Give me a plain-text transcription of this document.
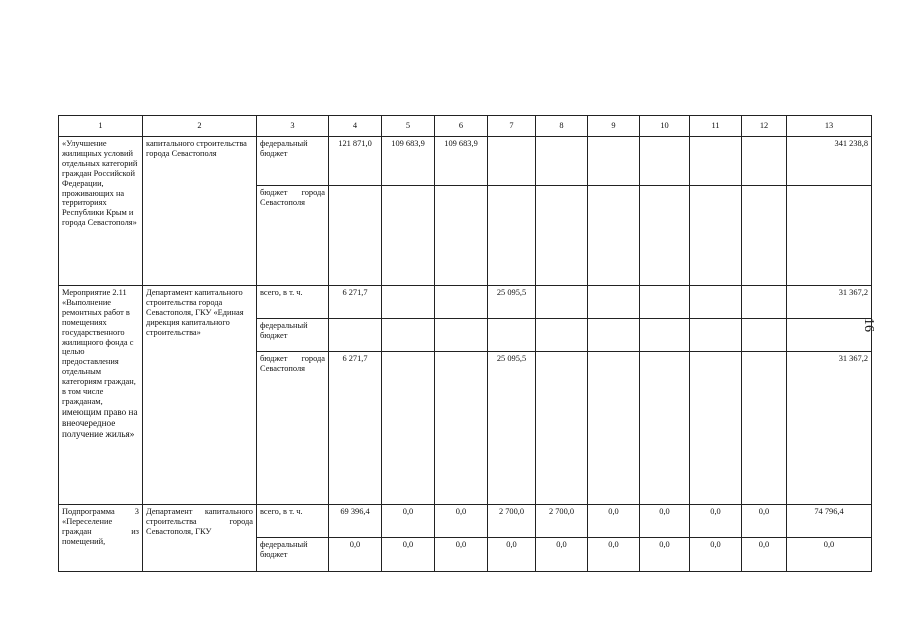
16
1	2	3	4	5	6	7	8	9	10	11	12	13
«Улучшение жилищных условий отдельных категорий граждан Российской Федерации, проживающих на территориях Республики Крым и города Севастополя»	капитального строительства города Севастополя	федеральный бюджет	121 871,0	109 683,9	109 683,9							341 238,8
		бюджет города Севастополя										
Мероприятие 2.11 «Выполнение ремонтных работ в помещениях государственного жилищного фонда с целью предоставления отдельным категориям граждан, в том числе гражданам, имеющим право на внеочередное получение жилья»	Департамент капитального строительства города Севастополя, ГКУ «Единая дирекция капитального строительства»	всего, в т. ч.	6 271,7			25 095,5						31 367,2
		федеральный бюджет										
		бюджет города Севастополя	6 271,7			25 095,5						31 367,2
Подпрограмма 3 «Переселение граждан из помещений,	Департамент капитального строительства города Севастополя, ГКУ	всего, в т. ч.	69 396,4	0,0	0,0	2 700,0	2 700,0	0,0	0,0	0,0	0,0	74 796,4
		федеральный бюджет	0,0	0,0	0,0	0,0	0,0	0,0	0,0	0,0	0,0	0,0
